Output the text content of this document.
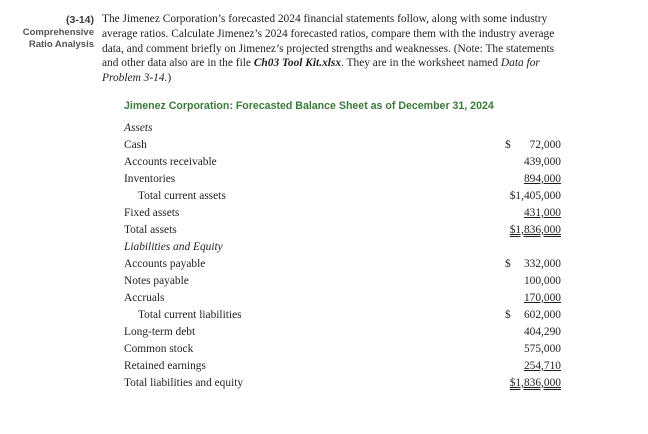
(3-14)
Comprehensive
Ratio Analysis

The Jimenez Corporation’s forecasted 2024 financial statements follow, along with some industry average ratios. Calculate Jimenez’s 2024 forecasted ratios, compare them with the industry average data, and comment briefly on Jimenez’s projected strengths and weaknesses. (Note: The statements and other data also are in the file Ch03 Tool Kit.xlsx. They are in the worksheet named Data for Problem 3-14.)

Jimenez Corporation: Forecasted Balance Sheet as of December 31, 2024
Assets
Cash	$ 72,000
Accounts receivable	439,000
Inventories	894,000
Total current assets	$1,405,000
Fixed assets	431,000
Total assets	$1,836,000
Liabilities and Equity
Accounts payable	$ 332,000
Notes payable	100,000
Accruals	170,000
Total current liabilities	$ 602,000
Long-term debt	404,290
Common stock	575,000
Retained earnings	254,710
Total liabilities and equity	$1,836,000
